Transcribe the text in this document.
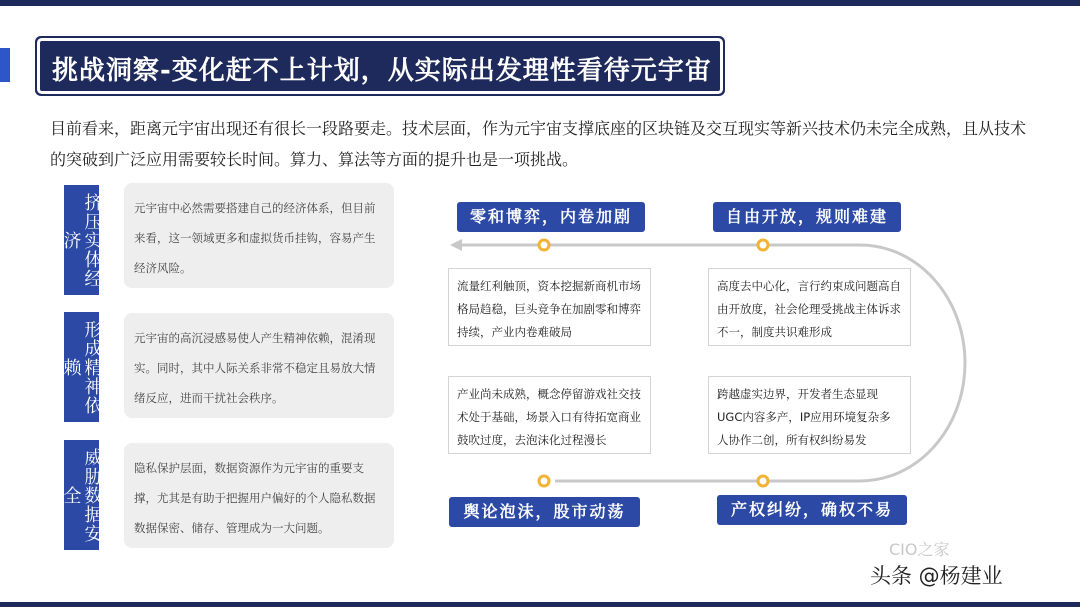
挑战洞察-变化赶不上计划，从实际出发理性看待元宇宙
目前看来，距离元宇宙出现还有很长一段路要走。技术层面，作为元宇宙支撑底座的区块链及交互现实等新兴技术仍未完全成熟，且从技术的突破到广泛应用需要较长时间。算力、算法等方面的提升也是一项挑战。
挤压实体经济
元宇宙中必然需要搭建自己的经济体系，但目前来看，这一领域更多和虚拟货币挂钩，容易产生经济风险。
形成精神依赖
元宇宙的高沉浸感易使人产生精神依赖，混淆现实。同时，其中人际关系非常不稳定且易放大情绪反应，进而干扰社会秩序。
威胁数据安全
隐私保护层面，数据资源作为元宇宙的重要支撑，尤其是有助于把握用户偏好的个人隐私数据数据保密、储存、管理成为一大问题。
零和博弈，内卷加剧	自由开放，规则难建
舆论泡沫，股市动荡	产权纠纷，确权不易
流量红利触顶，资本挖掘新商机市场格局趋稳，巨头竞争在加剧零和博弈持续，产业内卷难破局
高度去中心化，言行约束成问题高自由开放度，社会伦理受挑战主体诉求不一，制度共识难形成
产业尚未成熟，概念停留游戏社交技术处于基础，场景入口有待拓宽商业鼓吹过度，去泡沫化过程漫长
跨越虚实边界，开发者生态显现UGC内容多产，IP应用环境复杂多人协作二创，所有权纠纷易发
CIO之家
头条 @杨建业
